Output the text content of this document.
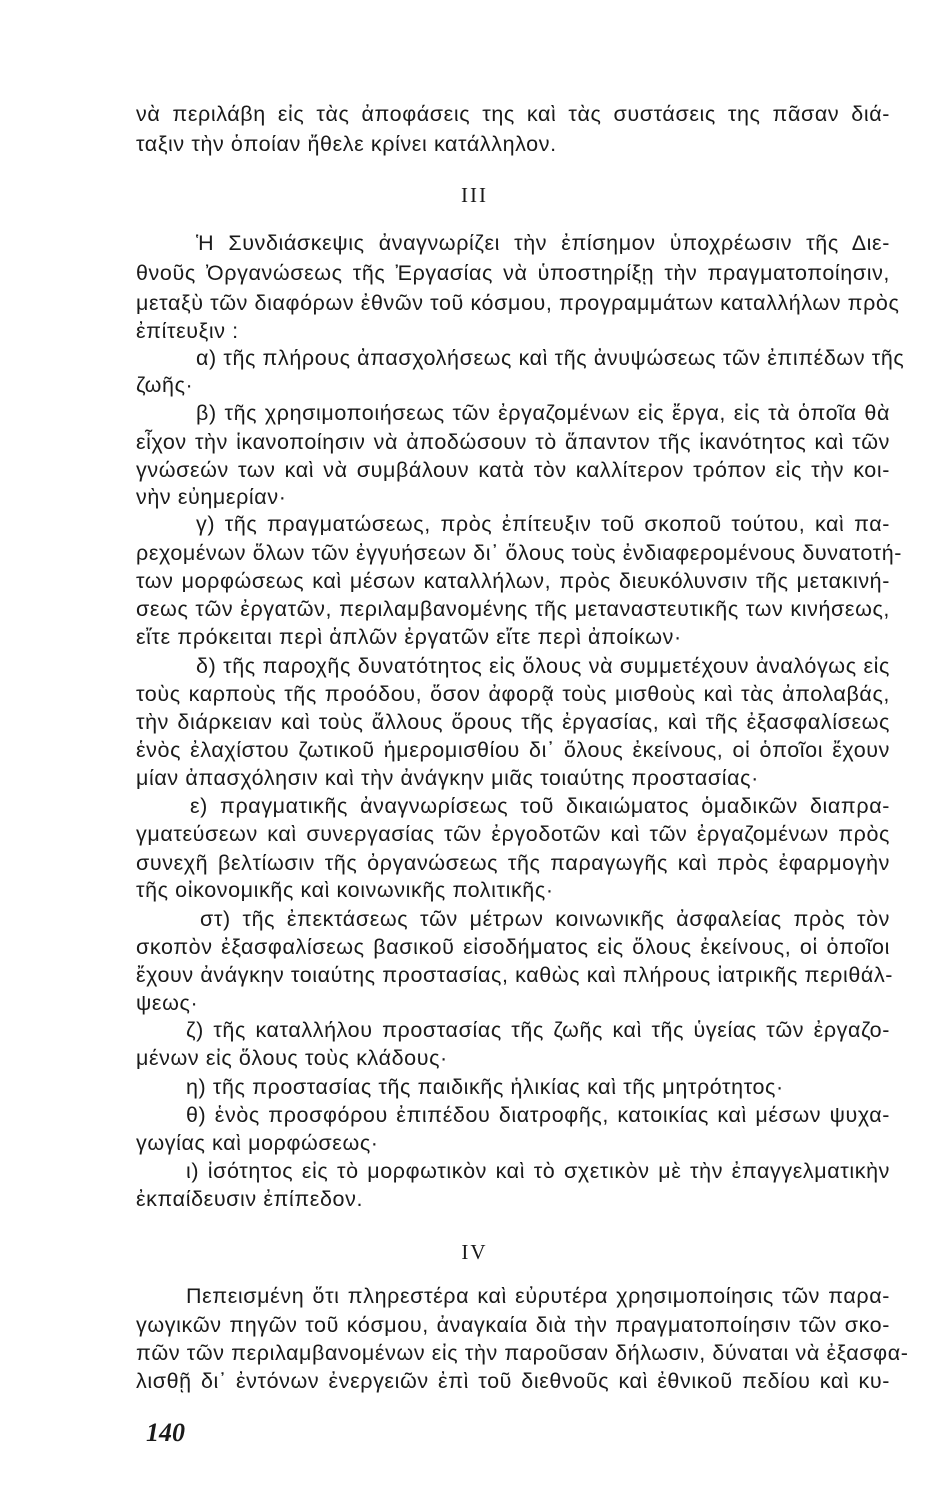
νὰ περιλάβη εἰς τὰς ἀποφάσεις της καὶ τὰς συστάσεις της πᾶσαν διά-

ταξιν τὴν ὁποίαν ἤθελε κρίνει κατάλληλον.

III

Ἡ Συνδιάσκεψις ἀναγνωρίζει τὴν ἐπίσημον ὑποχρέωσιν τῆς Διε-

θνοῦς Ὀργανώσεως τῆς Ἐργασίας νὰ ὑποστηρίξῃ τὴν πραγματοποίησιν,

μεταξὺ τῶν διαφόρων ἐθνῶν τοῦ κόσμου, προγραμμάτων καταλλήλων πρὸς

ἐπίτευξιν :

α) τῆς πλήρους ἀπασχολήσεως καὶ τῆς ἀνυψώσεως τῶν ἐπιπέδων τῆς

ζωῆς·

β) τῆς χρησιμοποιήσεως τῶν ἐργαζομένων εἰς ἔργα, εἰς τὰ ὁποῖα θὰ

εἶχον τὴν ἱκανοποίησιν νὰ ἀποδώσουν τὸ ἅπαντον τῆς ἱκανότητος καὶ τῶν

γνώσεών των καὶ νὰ συμβάλουν κατὰ τὸν καλλίτερον τρόπον εἰς τὴν κοι-

νὴν εὐημερίαν·

γ) τῆς πραγματώσεως, πρὸς ἐπίτευξιν τοῦ σκοποῦ τούτου, καὶ πα-

ρεχομένων ὅλων τῶν ἐγγυήσεων δι᾽ ὅλους τοὺς ἐνδιαφερομένους δυνατοτή-

των μορφώσεως καὶ μέσων καταλλήλων, πρὸς διευκόλυνσιν τῆς μετακινή-

σεως τῶν ἐργατῶν, περιλαμβανομένης τῆς μεταναστευτικῆς των κινήσεως,

εἴτε πρόκειται περὶ ἁπλῶν ἐργατῶν εἴτε περὶ ἀποίκων·

δ) τῆς παροχῆς δυνατότητος εἰς ὅλους νὰ συμμετέχουν ἀναλόγως εἰς

τοὺς καρποὺς τῆς προόδου, ὅσον ἀφορᾷ τοὺς μισθοὺς καὶ τὰς ἀπολαβάς,

τὴν διάρκειαν καὶ τοὺς ἄλλους ὅρους τῆς ἐργασίας, καὶ τῆς ἐξασφαλίσεως

ἑνὸς ἐλαχίστου ζωτικοῦ ἡμερομισθίου δι᾽ ὅλους ἐκείνους, οἱ ὁποῖοι ἔχουν

μίαν ἀπασχόλησιν καὶ τὴν ἀνάγκην μιᾶς τοιαύτης προστασίας·

ε) πραγματικῆς ἀναγνωρίσεως τοῦ δικαιώματος ὁμαδικῶν διαπρα-

γματεύσεων καὶ συνεργασίας τῶν ἐργοδοτῶν καὶ τῶν ἐργαζομένων πρὸς

συνεχῆ βελτίωσιν τῆς ὀργανώσεως τῆς παραγωγῆς καὶ πρὸς ἐφαρμογὴν

τῆς οἰκονομικῆς καὶ κοινωνικῆς πολιτικῆς·

στ) τῆς ἐπεκτάσεως τῶν μέτρων κοινωνικῆς ἀσφαλείας πρὸς τὸν

σκοπὸν ἐξασφαλίσεως βασικοῦ εἰσοδήματος εἰς ὅλους ἐκείνους, οἱ ὁποῖοι

ἔχουν ἀνάγκην τοιαύτης προστασίας, καθὼς καὶ πλήρους ἰατρικῆς περιθάλ-

ψεως·

ζ) τῆς καταλλήλου προστασίας τῆς ζωῆς καὶ τῆς ὑγείας τῶν ἐργαζο-

μένων εἰς ὅλους τοὺς κλάδους·

η) τῆς προστασίας τῆς παιδικῆς ἡλικίας καὶ τῆς μητρότητος·

θ) ἑνὸς προσφόρου ἐπιπέδου διατροφῆς, κατοικίας καὶ μέσων ψυχα-

γωγίας καὶ μορφώσεως·

ι) ἰσότητος εἰς τὸ μορφωτικὸν καὶ τὸ σχετικὸν μὲ τὴν ἐπαγγελματικὴν

ἐκπαίδευσιν ἐπίπεδον.

IV

Πεπεισμένη ὅτι πληρεστέρα καὶ εὐρυτέρα χρησιμοποίησις τῶν παρα-

γωγικῶν πηγῶν τοῦ κόσμου, ἀναγκαία διὰ τὴν πραγματοποίησιν τῶν σκο-

πῶν τῶν περιλαμβανομένων εἰς τὴν παροῦσαν δήλωσιν, δύναται νὰ ἐξασφα-

λισθῇ δι᾽ ἐντόνων ἐνεργειῶν ἐπὶ τοῦ διεθνοῦς καὶ ἐθνικοῦ πεδίου καὶ κυ-

140
